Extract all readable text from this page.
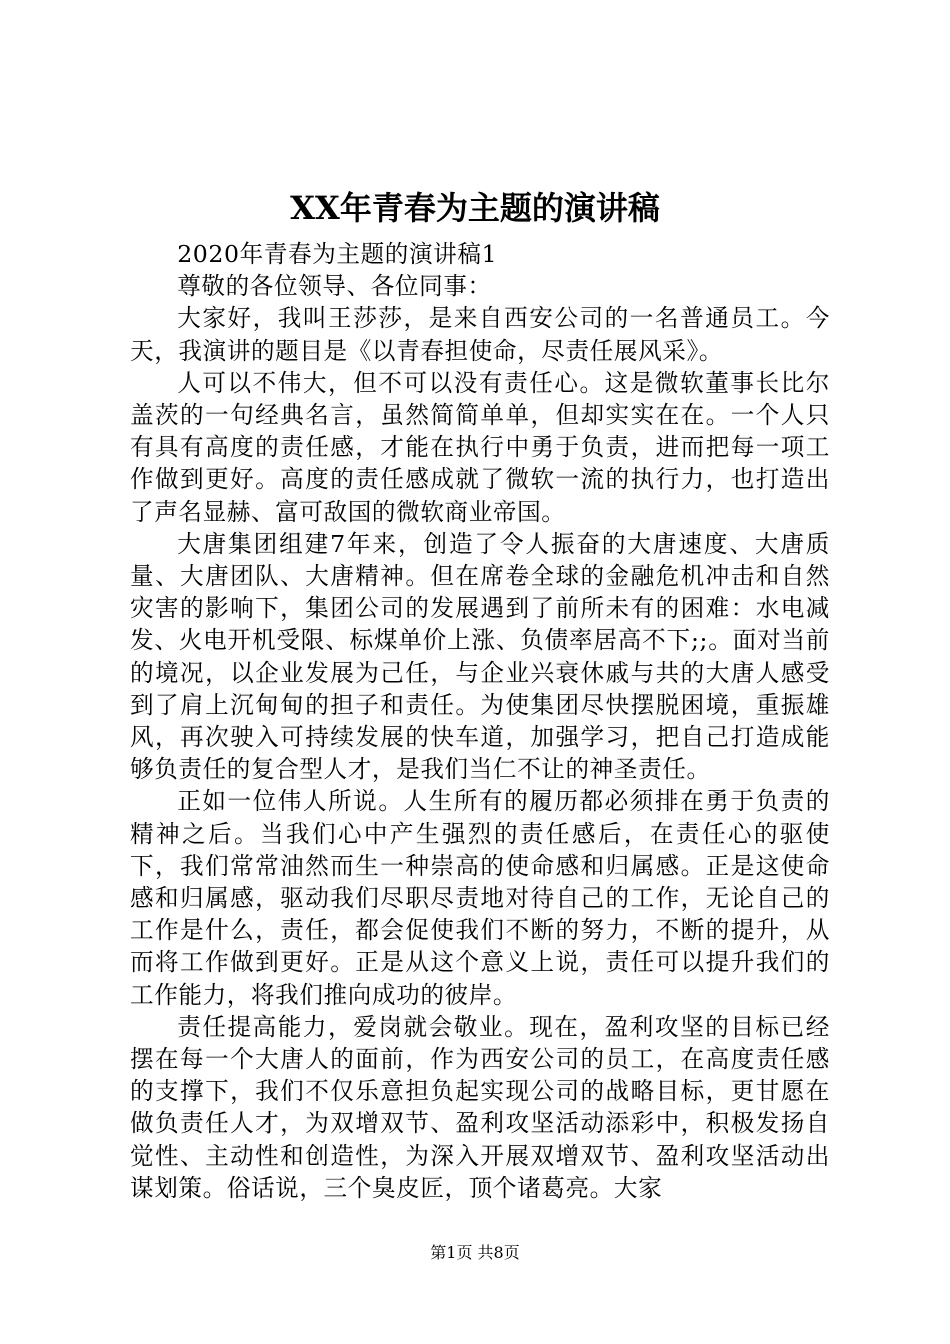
XX年青春为主题的演讲稿

2020年青春为主题的演讲稿1

尊敬的各位领导、各位同事：

大家好，我叫王莎莎，是来自西安公司的一名普通员工。今天，我演讲的题目是《以青春担使命，尽责任展风采》。

人可以不伟大，但不可以没有责任心。这是微软董事长比尔盖茨的一句经典名言，虽然简简单单，但却实实在在。一个人只有具有高度的责任感，才能在执行中勇于负责，进而把每一项工作做到更好。高度的责任感成就了微软一流的执行力，也打造出了声名显赫、富可敌国的微软商业帝国。

大唐集团组建7年来，创造了令人振奋的大唐速度、大唐质量、大唐团队、大唐精神。但在席卷全球的金融危机冲击和自然灾害的影响下，集团公司的发展遇到了前所未有的困难：水电减发、火电开机受限、标煤单价上涨、负债率居高不下;;。面对当前的境况，以企业发展为己任，与企业兴衰休戚与共的大唐人感受到了肩上沉甸甸的担子和责任。为使集团尽快摆脱困境，重振雄风，再次驶入可持续发展的快车道，加强学习，把自己打造成能够负责任的复合型人才，是我们当仁不让的神圣责任。

正如一位伟人所说。人生所有的履历都必须排在勇于负责的精神之后。当我们心中产生强烈的责任感后，在责任心的驱使下，我们常常油然而生一种崇高的使命感和归属感。正是这使命感和归属感，驱动我们尽职尽责地对待自己的工作，无论自己的工作是什么，责任，都会促使我们不断的努力，不断的提升，从而将工作做到更好。正是从这个意义上说，责任可以提升我们的工作能力，将我们推向成功的彼岸。

责任提高能力，爱岗就会敬业。现在，盈利攻坚的目标已经摆在每一个大唐人的面前，作为西安公司的员工，在高度责任感的支撑下，我们不仅乐意担负起实现公司的战略目标，更甘愿在做负责任人才，为双增双节、盈利攻坚活动添彩中，积极发扬自觉性、主动性和创造性，为深入开展双增双节、盈利攻坚活动出谋划策。俗话说，三个臭皮匠，顶个诸葛亮。大家

第1页 共8页
